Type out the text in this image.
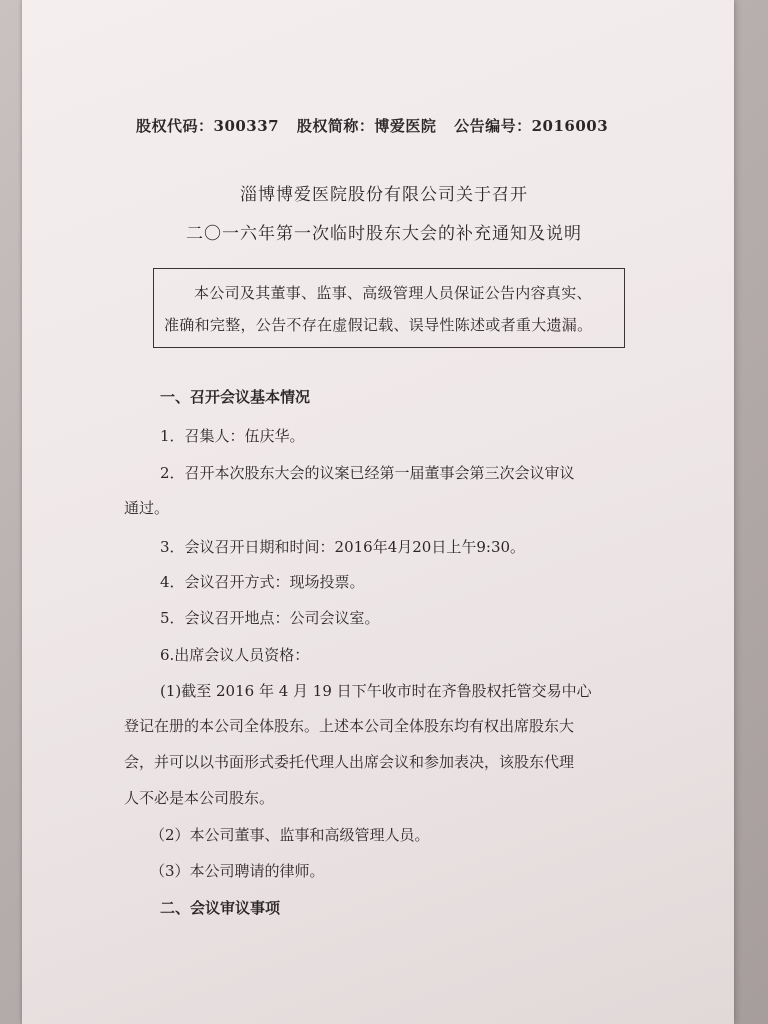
股权代码：300337 股权简称：博爱医院 公告编号：2016003
淄博博爱医院股份有限公司关于召开
二〇一六年第一次临时股东大会的补充通知及说明
本公司及其董事、监事、高级管理人员保证公告内容真实、
准确和完整，公告不存在虚假记载、误导性陈述或者重大遗漏。
一、召开会议基本情况
1．召集人：伍庆华。
2．召开本次股东大会的议案已经第一届董事会第三次会议审议
通过。
3．会议召开日期和时间：2016年4月20日上午9:30。
4．会议召开方式：现场投票。
5．会议召开地点：公司会议室。
6.出席会议人员资格：
(1)截至 2016 年 4 月 19 日下午收市时在齐鲁股权托管交易中心
登记在册的本公司全体股东。上述本公司全体股东均有权出席股东大
会，并可以以书面形式委托代理人出席会议和参加表决，该股东代理
人不必是本公司股东。
（2）本公司董事、监事和高级管理人员。
（3）本公司聘请的律师。
二、会议审议事项
